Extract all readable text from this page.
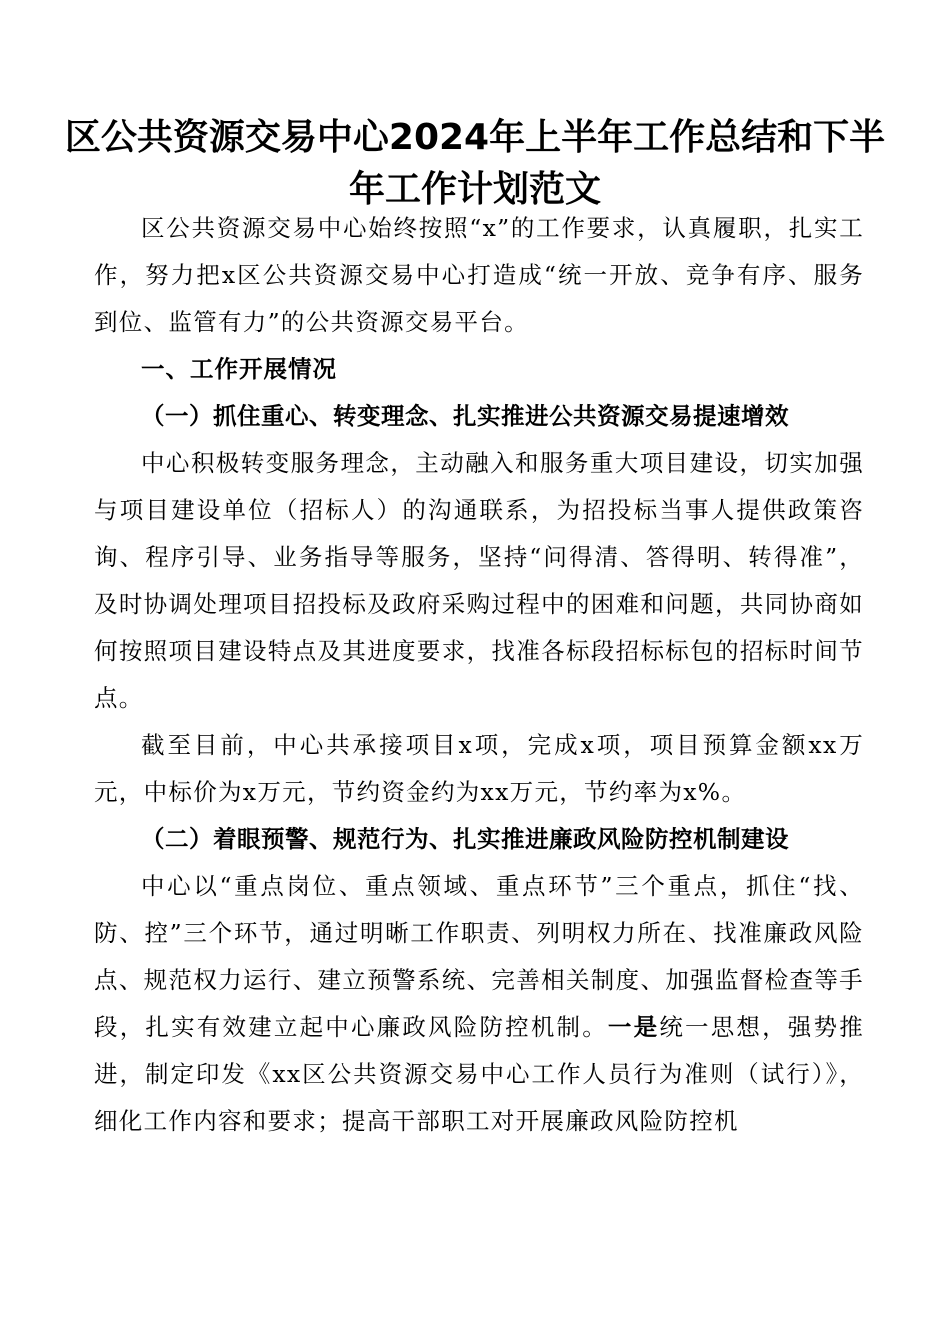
区公共资源交易中心2024年上半年工作总结和下半年工作计划范文

区公共资源交易中心始终按照“x”的工作要求，认真履职，扎实工作，努力把x区公共资源交易中心打造成“统一开放、竞争有序、服务到位、监管有力”的公共资源交易平台。

一、工作开展情况

（一）抓住重心、转变理念、扎实推进公共资源交易提速增效

中心积极转变服务理念，主动融入和服务重大项目建设，切实加强与项目建设单位（招标人）的沟通联系，为招投标当事人提供政策咨询、程序引导、业务指导等服务，坚持“问得清、答得明、转得准”，及时协调处理项目招投标及政府采购过程中的困难和问题，共同协商如何按照项目建设特点及其进度要求，找准各标段招标标包的招标时间节点。

截至目前，中心共承接项目x项，完成x项，项目预算金额xx万元，中标价为x万元，节约资金约为xx万元，节约率为x%。

（二）着眼预警、规范行为、扎实推进廉政风险防控机制建设

中心以“重点岗位、重点领域、重点环节”三个重点，抓住“找、防、控”三个环节，通过明晰工作职责、列明权力所在、找准廉政风险点、规范权力运行、建立预警系统、完善相关制度、加强监督检查等手段，扎实有效建立起中心廉政风险防控机制。一是统一思想，强势推进，制定印发《xx区公共资源交易中心工作人员行为准则（试行）》，细化工作内容和要求；提高干部职工对开展廉政风险防控机
